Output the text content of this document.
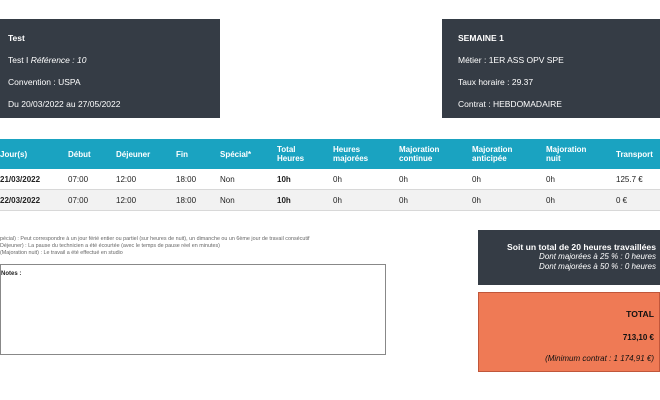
Test
Test I Référence : 10
Convention : USPA
Du 20/03/2022 au 27/05/2022
SEMAINE 1
Métier : 1ER ASS OPV SPE
Taux horaire : 29.37
Contrat : HEBDOMADAIRE
Jour(s)	Début	Déjeuner	Fin	Spécial*	Total Heures	Heures majorées	Majoration continue	Majoration anticipée	Majoration nuit	Transport
21/03/2022	07:00	12:00	18:00	Non	10h	0h	0h	0h	0h	125.7 €
22/03/2022	07:00	12:00	18:00	Non	10h	0h	0h	0h	0h	0 €
pécial) : Peut correspondre à un jour férié entier ou partiel (sur heures de nuit), un dimanche ou un 6ème jour de travail consécutif
Déjeuner) : La pause du technicien a été écourtée (avec le temps de pause réel en minutes)
(Majoration nuit) : Le travail a été effectué en studio
Notes :
Soit un total de 20 heures travaillées
Dont majorées à 25 % : 0 heures
Dont majorées à 50 % : 0 heures
TOTAL
713,10 €
(Minimum contrat : 1 174,91 €)
